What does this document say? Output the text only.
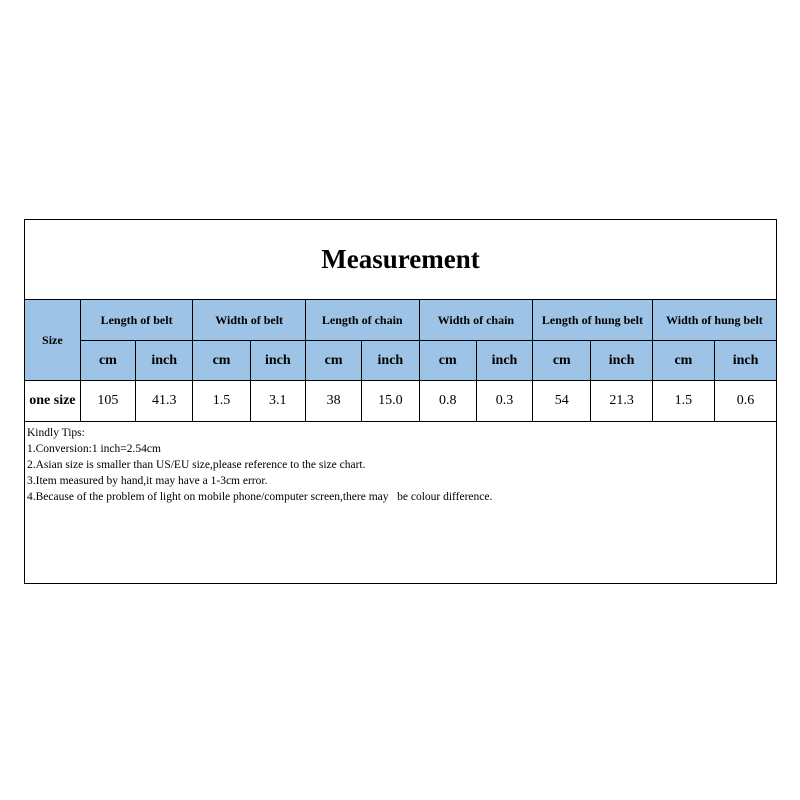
Measurement
Size	Length of belt		Width of belt		Length of chain		Width of chain		Length of hung belt		Width of hung belt	
	cm	inch	cm	inch	cm	inch	cm	inch	cm	inch	cm	inch
one size	105	41.3	1.5	3.1	38	15.0	0.8	0.3	54	21.3	1.5	0.6
Kindly Tips:
1.Conversion:1 inch=2.54cm
2.Asian size is smaller than US/EU size,please reference to the size chart.
3.Item measured by hand,it may have a 1-3cm error.
4.Because of the problem of light on mobile phone/computer screen,there may   be colour difference.
